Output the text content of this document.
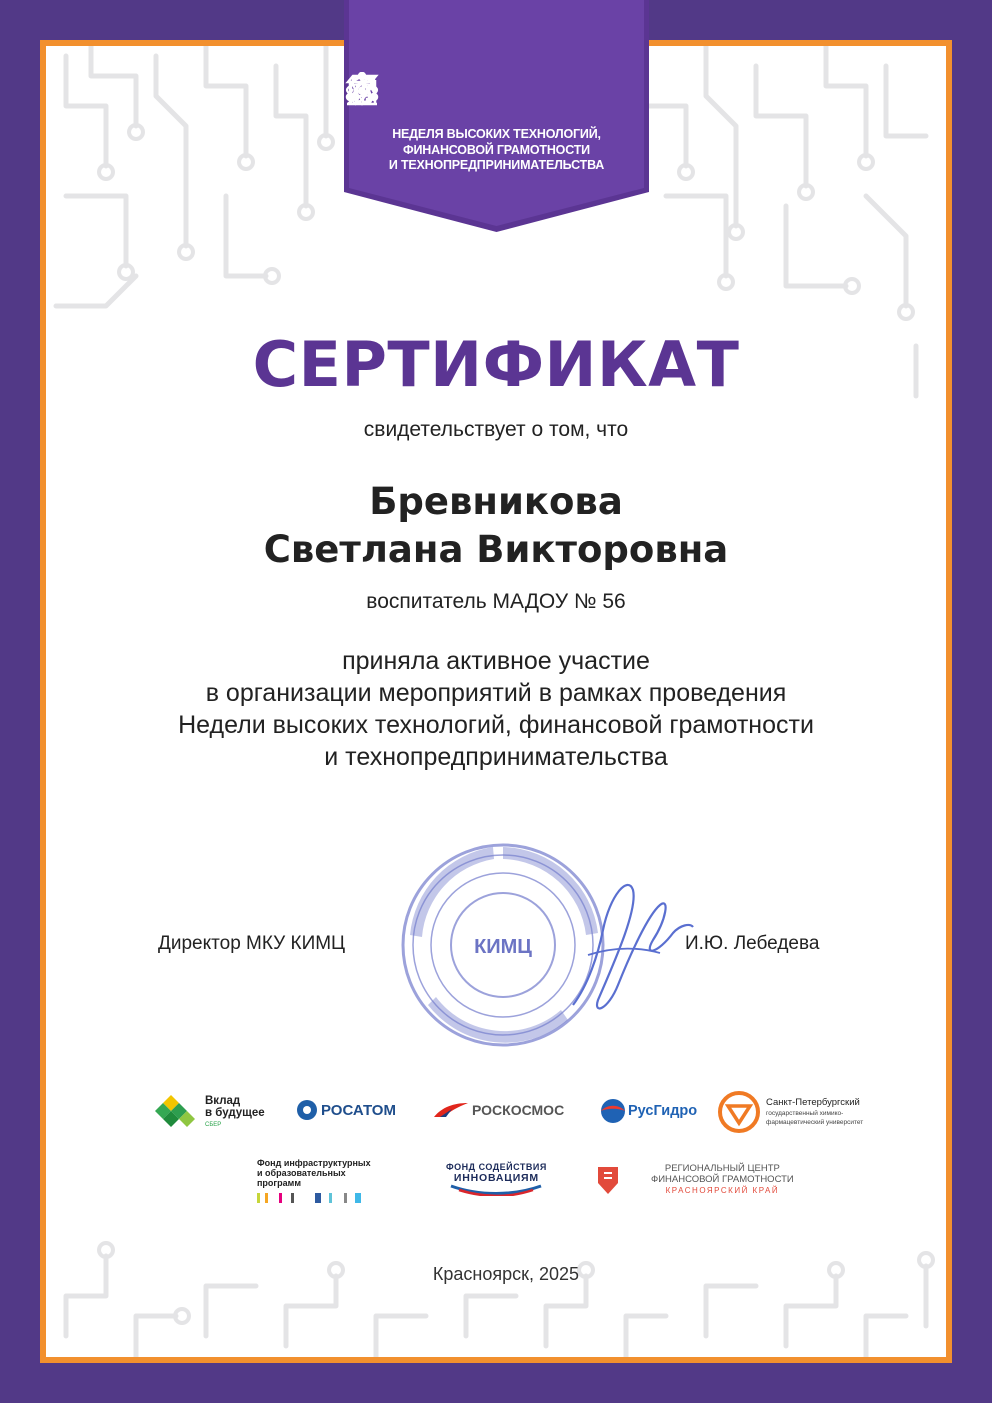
НЕДЕЛЯ ВЫСОКИХ ТЕХНОЛОГИЙ,
ФИНАНСОВОЙ ГРАМОТНОСТИ
И ТЕХНОПРЕДПРИНИМАТЕЛЬСТВА
СЕРТИФИКАТ
свидетельствует о том, что
Бревникова
Светлана Викторовна
воспитатель МАДОУ № 56
приняла активное участие
в организации мероприятий в рамках проведения
Недели высоких технологий, финансовой грамотности
и технопредпринимательства
Директор МКУ КИМЦ	И.Ю. Лебедева
КИМЦ
Вклад
в будущее
СБЕР
РОСАТОМ	РОСКОСМОС	РусГидро
Санкт-Петербургский
государственный химико-
фармацевтический университет
Фонд инфраструктурных
и образовательных
программ
ФОНД СОДЕЙСТВИЯ
ИННОВАЦИЯМ
РЕГИОНАЛЬНЫЙ ЦЕНТР
ФИНАНСОВОЙ ГРАМОТНОСТИ
КРАСНОЯРСКИЙ КРАЙ
Красноярск, 2025
